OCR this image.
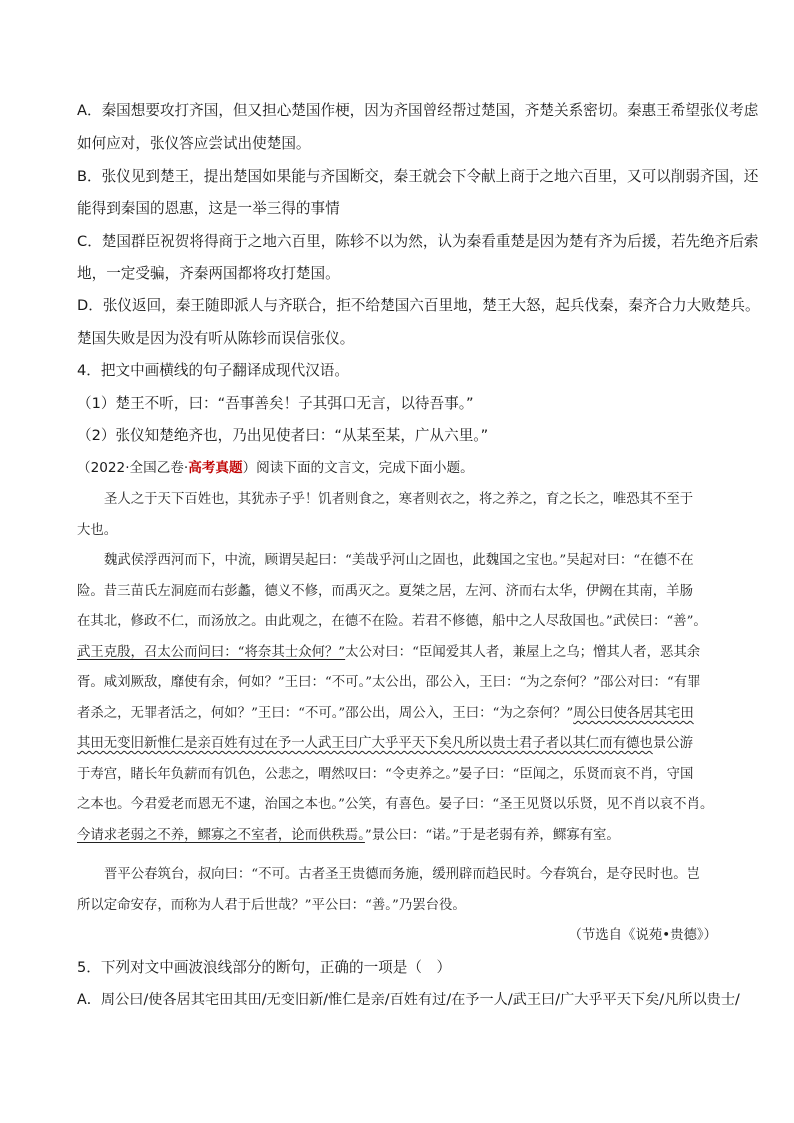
A．秦国想要攻打齐国，但又担心楚国作梗，因为齐国曾经帮过楚国，齐楚关系密切。秦惠王希望张仪考虑
如何应对，张仪答应尝试出使楚国。
B．张仪见到楚王，提出楚国如果能与齐国断交，秦王就会下令献上商于之地六百里，又可以削弱齐国，还
能得到秦国的恩惠，这是一举三得的事情
C．楚国群臣祝贺将得商于之地六百里，陈轸不以为然，认为秦看重楚是因为楚有齐为后援，若先绝齐后索
地，一定受骗，齐秦两国都将攻打楚国。
D．张仪返回，秦王随即派人与齐联合，拒不给楚国六百里地，楚王大怒，起兵伐秦，秦齐合力大败楚兵。
楚国失败是因为没有听从陈轸而误信张仪。
4．把文中画横线的句子翻译成现代汉语。
（1）楚王不听，曰：“吾事善矣！子其弭口无言，以待吾事。”
（2）张仪知楚绝齐也，乃出见使者曰：“从某至某，广从六里。”
（2022·全国乙卷·高考真题）阅读下面的文言文，完成下面小题。
圣人之于天下百姓也，其犹赤子乎！饥者则食之，寒者则衣之，将之养之，育之长之，唯恐其不至于
大也。
魏武侯浮西河而下，中流，顾谓吴起曰：“美哉乎河山之固也，此魏国之宝也。”吴起对曰：“在德不在
险。昔三苗氏左洞庭而右彭蠡，德义不修，而禹灭之。夏桀之居，左河、济而右太华，伊阙在其南，羊肠
在其北，修政不仁，而汤放之。由此观之，在德不在险。若君不修德，船中之人尽敌国也。”武侯曰：“善”。
武王克殷，召太公而问曰：“将奈其士众何？”太公对曰：“臣闻爱其人者，兼屋上之乌；憎其人者，恶其余
胥。咸刘厥敌，靡使有余，何如？”王曰：“不可。”太公出，邵公入，王曰：“为之奈何？”邵公对曰：“有罪
者杀之，无罪者活之，何如？”王曰：“不可。”邵公出，周公入，王曰：“为之奈何？”周公曰使各居其宅田
其田无变旧新惟仁是亲百姓有过在予一人武王曰广大乎平天下矣凡所以贵士君子者以其仁而有德也景公游
于寿宫，睹长年负薪而有饥色，公悲之，喟然叹曰：“令吏养之。”晏子曰：“臣闻之，乐贤而哀不肖，守国
之本也。今君爱老而恩无不逮，治国之本也。”公笑，有喜色。晏子曰：“圣王见贤以乐贤，见不肖以哀不肖。
今请求老弱之不养，鳏寡之不室者，论而供秩焉。”景公曰：“诺。”于是老弱有养，鳏寡有室。
晋平公春筑台，叔向曰：“不可。古者圣王贵德而务施，缓刑辟而趋民时。今春筑台，是夺民时也。岂
所以定命安存，而称为人君于后世哉？”平公曰：“善。”乃罢台役。
（节选自《说苑•贵德》）
5．下列对文中画波浪线部分的断句，正确的一项是（　）
A．周公曰/使各居其宅田其田/无变旧新/惟仁是亲/百姓有过/在予一人/武王曰/广大乎平天下矣/凡所以贵士/
